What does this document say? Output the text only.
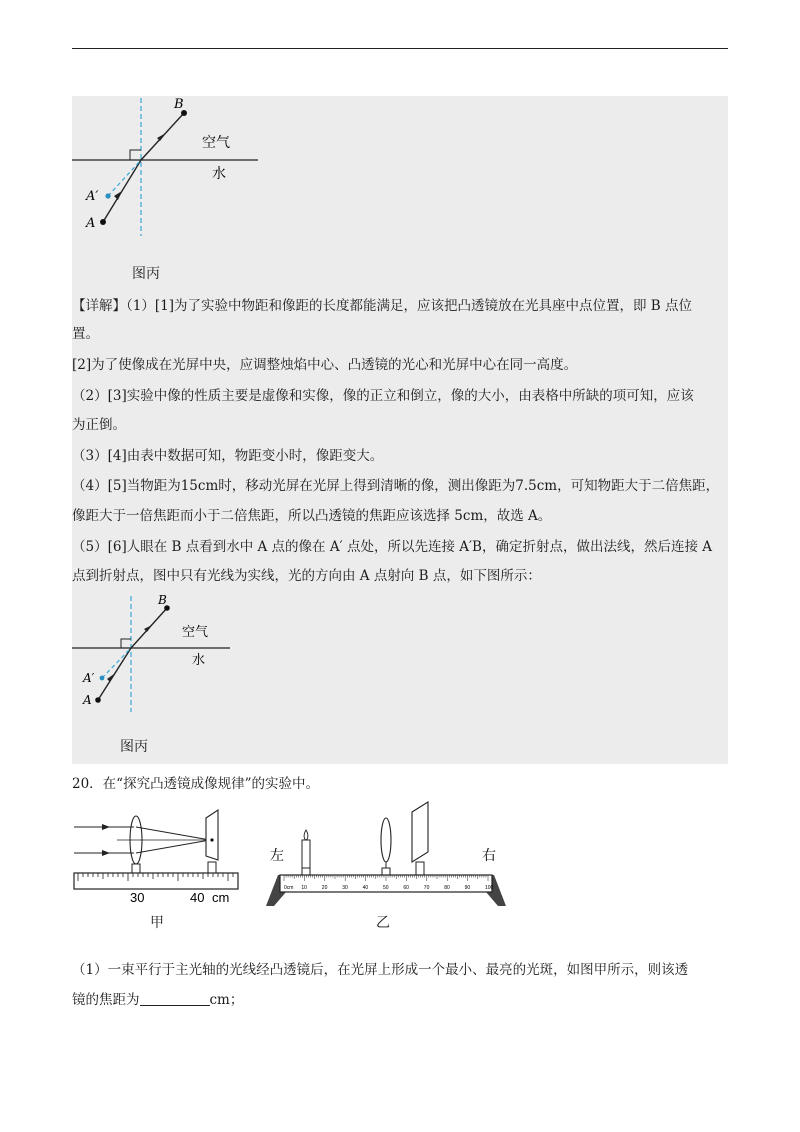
B
A′
A
空气
水
图丙
【详解】（1）[1]为了实验中物距和像距的长度都能满足，应该把凸透镜放在光具座中点位置，即 B 点位
置。
[2]为了使像成在光屏中央，应调整烛焰中心、凸透镜的光心和光屏中心在同一高度。
（2）[3]实验中像的性质主要是虚像和实像，像的正立和倒立，像的大小，由表格中所缺的项可知，应该
为正倒。
（3）[4]由表中数据可知，物距变小时，像距变大。
（4）[5]当物距为15cm时，移动光屏在光屏上得到清晰的像，测出像距为7.5cm，可知物距大于二倍焦距，
像距大于一倍焦距而小于二倍焦距，所以凸透镜的焦距应该选择 5cm，故选 A。
（5）[6]人眼在 B 点看到水中 A 点的像在 A′ 点处，所以先连接 A′B，确定折射点，做出法线，然后连接 A
点到折射点，图中只有光线为实线，光的方向由 A 点射向 B 点，如下图所示：
B
A′
A
空气
水
图丙
20．在“探究凸透镜成像规律”的实验中。
30	40 cm
甲
左	右
0cm 10	20	30	40	50	60	70	80	90	100
乙
（1）一束平行于主光轴的光线经凸透镜后，在光屏上形成一个最小、最亮的光斑，如图甲所示，则该透
镜的焦距为	cm；
